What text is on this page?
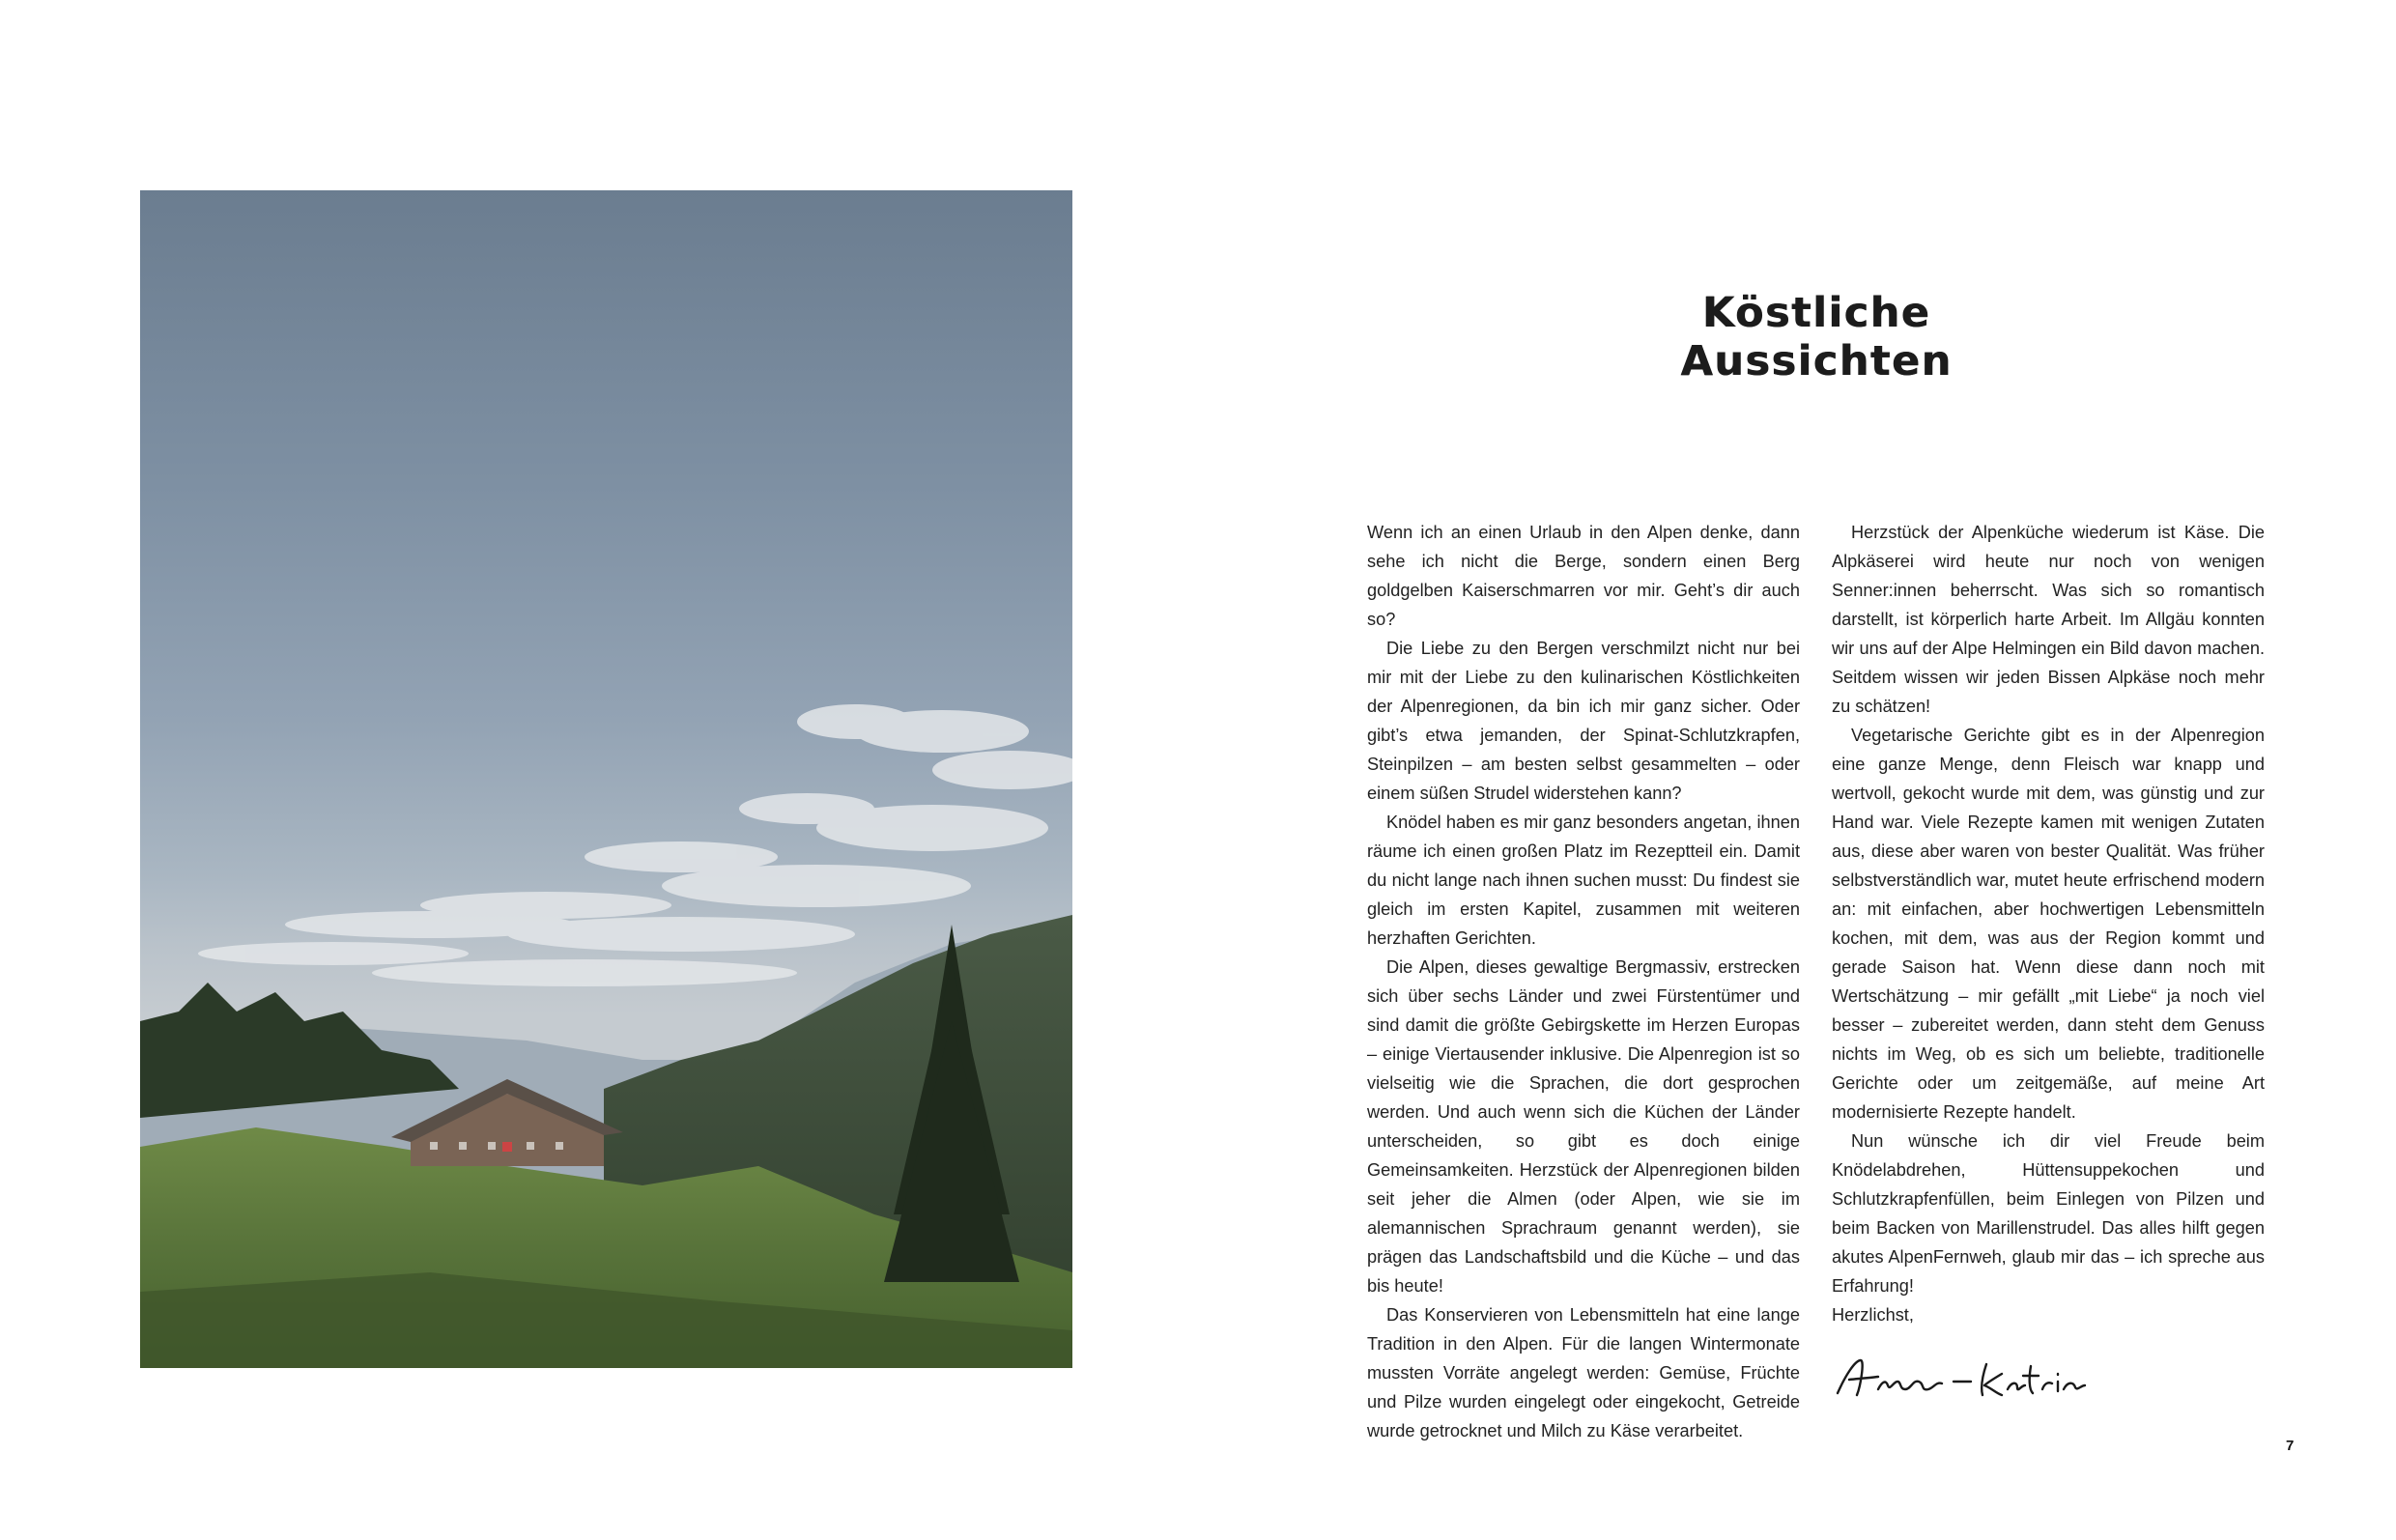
Köstliche Aussichten

Wenn ich an einen Urlaub in den Alpen denke, dann sehe ich nicht die Berge, sondern einen Berg goldgelben Kaiserschmarren vor mir. Geht’s dir auch so?

Die Liebe zu den Bergen verschmilzt nicht nur bei mir mit der Liebe zu den kulinarischen Köstlichkeiten der Alpenregionen, da bin ich mir ganz sicher. Oder gibt’s etwa jemanden, der Spinat-Schlutzkrapfen, Steinpilzen – am besten selbst gesammelten – oder einem süßen Strudel widerstehen kann?

Knödel haben es mir ganz besonders angetan, ihnen räume ich einen großen Platz im Rezeptteil ein. Damit du nicht lange nach ihnen suchen musst: Du findest sie gleich im ersten Kapitel, zusammen mit weiteren herzhaften Gerichten.

Die Alpen, dieses gewaltige Bergmassiv, erstrecken sich über sechs Länder und zwei Fürstentümer und sind damit die größte Gebirgskette im Herzen Europas – einige Viertausender inklusive. Die Alpenregion ist so vielseitig wie die Sprachen, die dort gesprochen werden. Und auch wenn sich die Küchen der Länder unterscheiden, so gibt es doch einige Gemeinsamkeiten. Herzstück der Alpenregionen bilden seit jeher die Almen (oder Alpen, wie sie im alemannischen Sprachraum genannt werden), sie prägen das Landschaftsbild und die Küche – und das bis heute!

Das Konservieren von Lebensmitteln hat eine lange Tradition in den Alpen. Für die langen Wintermonate mussten Vorräte angelegt werden: Gemüse, Früchte und Pilze wurden eingelegt oder eingekocht, Getreide wurde getrocknet und Milch zu Käse verarbeitet.

Herzstück der Alpenküche wiederum ist Käse. Die Alpkäserei wird heute nur noch von wenigen Senner:innen beherrscht. Was sich so romantisch darstellt, ist körperlich harte Arbeit. Im Allgäu konnten wir uns auf der Alpe Helmingen ein Bild davon machen. Seitdem wissen wir jeden Bissen Alpkäse noch mehr zu schätzen!

Vegetarische Gerichte gibt es in der Alpenregion eine ganze Menge, denn Fleisch war knapp und wertvoll, gekocht wurde mit dem, was günstig und zur Hand war. Viele Rezepte kamen mit wenigen Zutaten aus, diese aber waren von bester Qualität. Was früher selbstverständlich war, mutet heute erfrischend modern an: mit einfachen, aber hochwertigen Lebensmitteln kochen, mit dem, was aus der Region kommt und gerade Saison hat. Wenn diese dann noch mit Wertschätzung – mir gefällt „mit Liebe“ ja noch viel besser – zubereitet werden, dann steht dem Genuss nichts im Weg, ob es sich um beliebte, traditionelle Gerichte oder um zeitgemäße, auf meine Art modernisierte Rezepte handelt.

Nun wünsche ich dir viel Freude beim Knödelabdrehen, Hüttensuppekochen und Schlutzkrapfenfüllen, beim Einlegen von Pilzen und beim Backen von Marillenstrudel. Das alles hilft gegen akutes AlpenFernweh, glaub mir das – ich spreche aus Erfahrung!

Herzlichst,

Anne-Katrin
7
